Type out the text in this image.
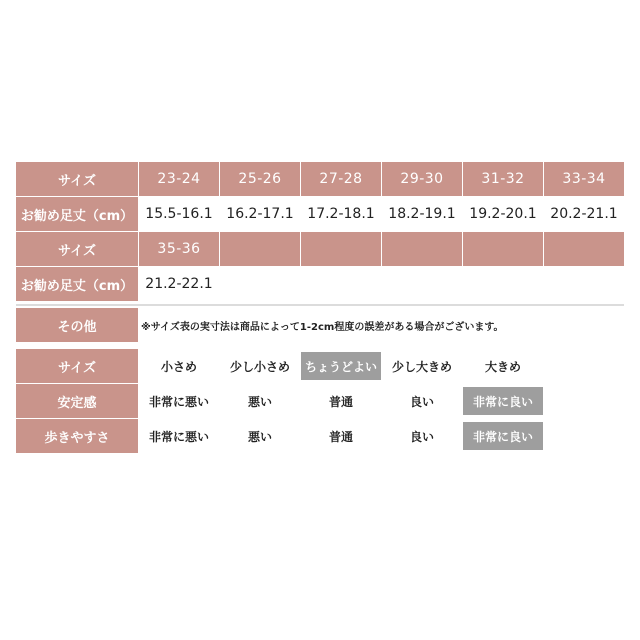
サイズ	23-24	25-26	27-28	29-30	31-32	33-34
お勧め足丈（cm） 15.5-16.1 16.2-17.1 17.2-18.1 18.2-19.1 19.2-20.1 20.2-21.1
サイズ	35-36
お勧め足丈（cm） 21.2-22.1
その他	※サイズ表の実寸法は商品によって1-2cm程度の誤差がある場合がございます。
サイズ	小さめ	少し小さめ	ちょうどよい	少し大きめ	大きめ
安定感	非常に悪い	悪い	普通	良い	非常に良い
歩きやすさ	非常に悪い	悪い	普通	良い	非常に良い
